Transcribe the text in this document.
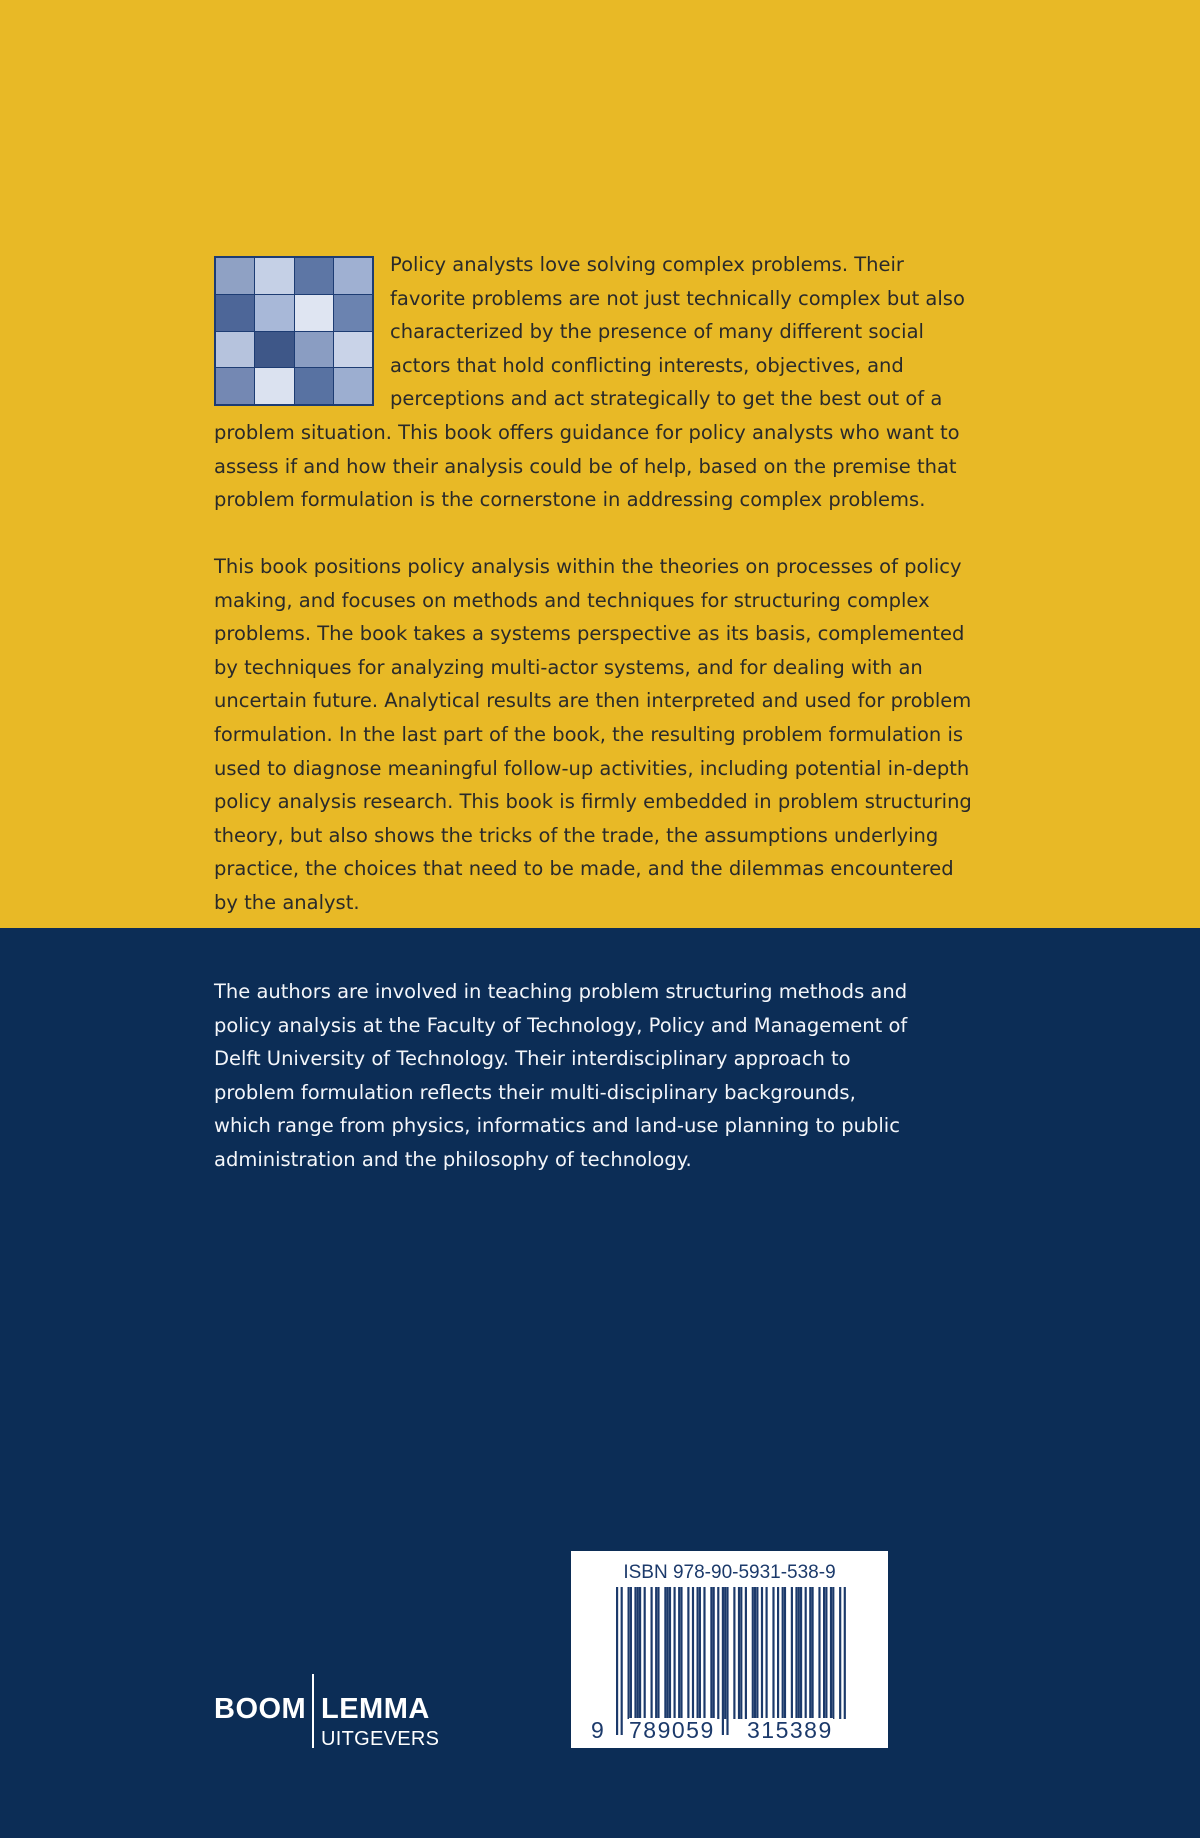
Policy analysts love solving complex problems. Their favorite problems are not just technically complex but also characterized by the presence of many different social actors that hold conflicting interests, objectives, and perceptions and act strategically to get the best out of a problem situation. This book offers guidance for policy analysts who want to assess if and how their analysis could be of help, based on the premise that problem formulation is the cornerstone in addressing complex problems.
This book positions policy analysis within the theories on processes of policy making, and focuses on methods and techniques for structuring complex problems. The book takes a systems perspective as its basis, complemented by techniques for analyzing multi-actor systems, and for dealing with an uncertain future. Analytical results are then interpreted and used for problem formulation. In the last part of the book, the resulting problem formulation is used to diagnose meaningful follow-up activities, including potential in-depth policy analysis research. This book is firmly embedded in problem structuring theory, but also shows the tricks of the trade, the assumptions underlying practice, the choices that need to be made, and the dilemmas encountered by the analyst.
The authors are involved in teaching problem structuring methods and policy analysis at the Faculty of Technology, Policy and Management of Delft University of Technology. Their interdisciplinary approach to problem formulation reflects their multi-disciplinary backgrounds, which range from physics, informatics and land-use planning to public administration and the philosophy of technology.
BOOM LEMMA
UITGEVERS
ISBN 978-90-5931-538-9
9 789059 315389
